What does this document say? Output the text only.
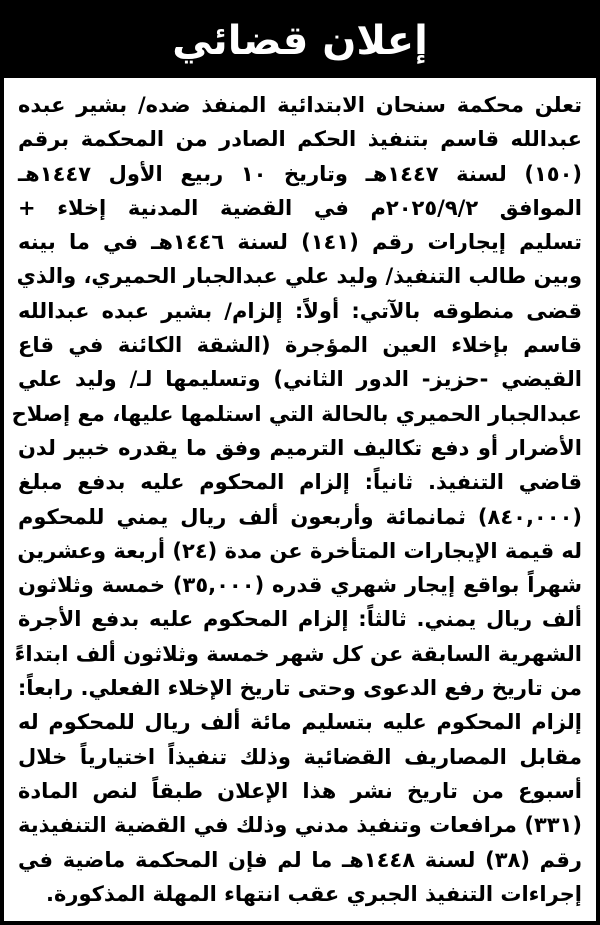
إعلان قضائي
تعلن محكمة سنحان الابتدائية المنفذ ضده/ بشير عبده
عبدالله قاسم بتنفيذ الحكم الصادر من المحكمة برقم
(١٥٠) لسنة ١٤٤٧هـ وتاريخ ١٠ ربيع الأول ١٤٤٧هـ
الموافق ٢٠٢٥/٩/٢م في القضية المدنية إخلاء +
تسليم إيجارات رقم (١٤١) لسنة ١٤٤٦هـ في ما بينه
وبين طالب التنفيذ/ وليد علي عبدالجبار الحميري، والذي
قضى منطوقه بالآتي: أولاً: إلزام/ بشير عبده عبدالله
قاسم بإخلاء العين المؤجرة (الشقة الكائنة في قاع
القيضي -حزيز- الدور الثاني) وتسليمها لـ/ وليد علي
عبدالجبار الحميري بالحالة التي استلمها عليها، مع إصلاح
الأضرار أو دفع تكاليف الترميم وفق ما يقدره خبير لدن
قاضي التنفيذ. ثانياً: إلزام المحكوم عليه بدفع مبلغ
(٨٤٠,٠٠٠) ثمانمائة وأربعون ألف ريال يمني للمحكوم
له قيمة الإيجارات المتأخرة عن مدة (٢٤) أربعة وعشرين
شهراً بواقع إيجار شهري قدره (٣٥,٠٠٠) خمسة وثلاثون
ألف ريال يمني. ثالثاً: إلزام المحكوم عليه بدفع الأجرة
الشهرية السابقة عن كل شهر خمسة وثلاثون ألف ابتداءً
من تاريخ رفع الدعوى وحتى تاريخ الإخلاء الفعلي. رابعاً:
إلزام المحكوم عليه بتسليم مائة ألف ريال للمحكوم له
مقابل المصاريف القضائية وذلك تنفيذاً اختيارياً خلال
أسبوع من تاريخ نشر هذا الإعلان طبقاً لنص المادة
(٣٣١) مرافعات وتنفيذ مدني وذلك في القضية التنفيذية
رقم (٣٨) لسنة ١٤٤٨هـ ما لم فإن المحكمة ماضية في
إجراءات التنفيذ الجبري عقب انتهاء المهلة المذكورة.
